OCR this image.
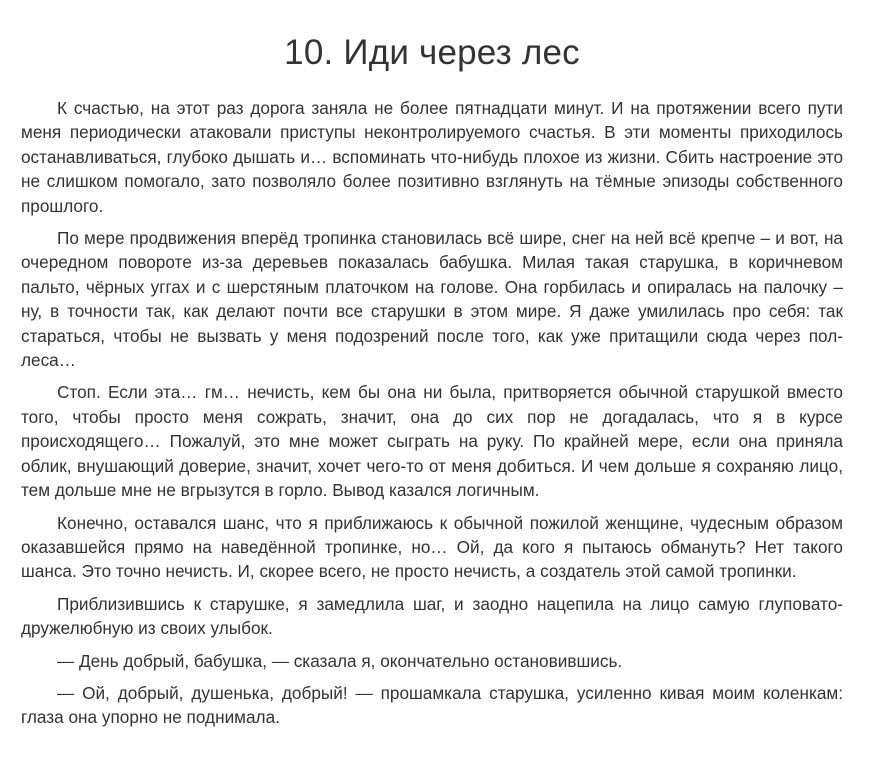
10. Иди через лес

К счастью, на этот раз дорога заняла не более пятнадцати минут. И на протяжении всего пути меня периодически атаковали приступы неконтролируемого счастья. В эти моменты приходилось останавливаться, глубоко дышать и… вспоминать что-нибудь плохое из жизни. Сбить настроение это не слишком помогало, зато позволяло более позитивно взглянуть на тёмные эпизоды собственного прошлого.

По мере продвижения вперёд тропинка становилась всё шире, снег на ней всё крепче – и вот, на очередном повороте из-за деревьев показалась бабушка. Милая такая старушка, в коричневом пальто, чёрных уггах и с шерстяным платочком на голове. Она горбилась и опиралась на палочку – ну, в точности так, как делают почти все старушки в этом мире. Я даже умилилась про себя: так стараться, чтобы не вызвать у меня подозрений после того, как уже притащили сюда через пол-леса…

Стоп. Если эта… гм… нечисть, кем бы она ни была, притворяется обычной старушкой вместо того, чтобы просто меня сожрать, значит, она до сих пор не догадалась, что я в курсе происходящего… Пожалуй, это мне может сыграть на руку. По крайней мере, если она приняла облик, внушающий доверие, значит, хочет чего-то от меня добиться. И чем дольше я сохраняю лицо, тем дольше мне не вгрызутся в горло. Вывод казался логичным.

Конечно, оставался шанс, что я приближаюсь к обычной пожилой женщине, чудесным образом оказавшейся прямо на наведённой тропинке, но… Ой, да кого я пытаюсь обмануть? Нет такого шанса. Это точно нечисть. И, скорее всего, не просто нечисть, а создатель этой самой тропинки.

Приблизившись к старушке, я замедлила шаг, и заодно нацепила на лицо самую глуповато-дружелюбную из своих улыбок.

— День добрый, бабушка, — сказала я, окончательно остановившись.

— Ой, добрый, душенька, добрый! — прошамкала старушка, усиленно кивая моим коленкам: глаза она упорно не поднимала.
